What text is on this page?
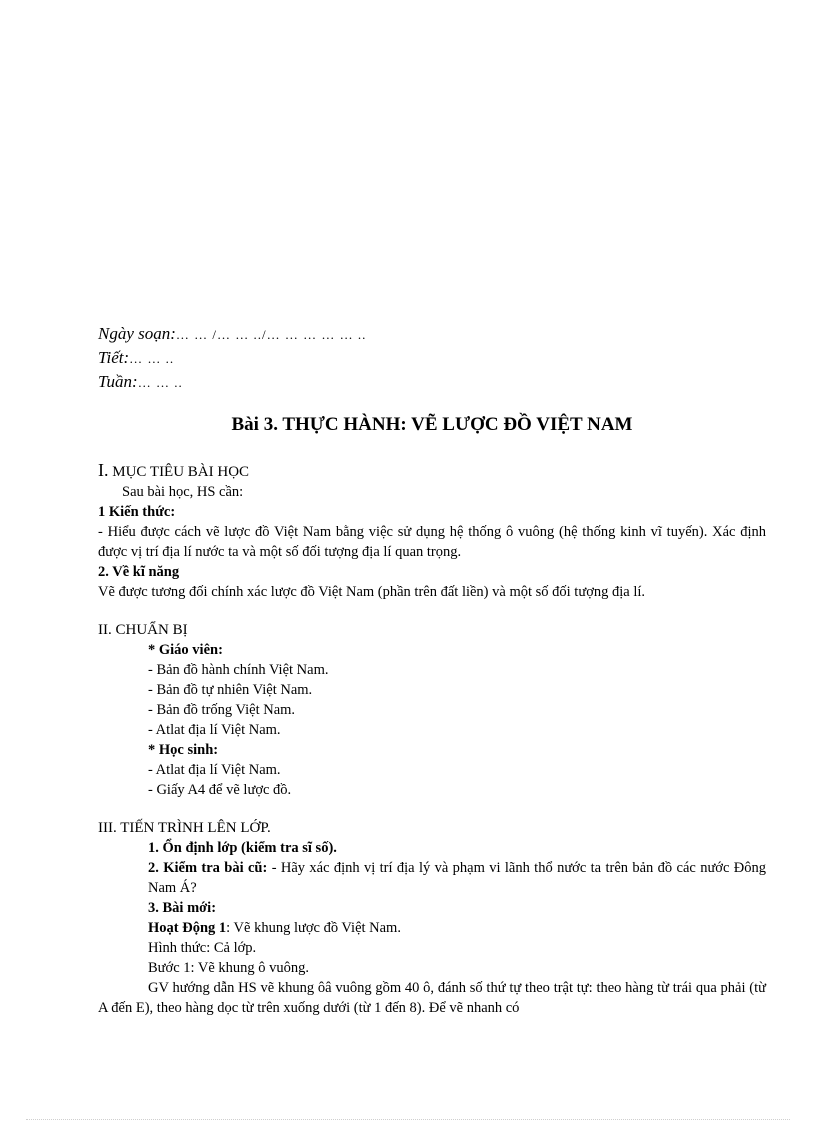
Ngày soạn:… … /… … ../… … … … … ..
Tiết:… … ..
Tuần:… … ..
Bài 3. THỰC HÀNH: VẼ LƯỢC ĐỒ VIỆT NAM
I. MỤC TIÊU BÀI HỌC

Sau bài học, HS cần:

1 Kiến thức:

- Hiểu được cách vẽ lược đồ Việt Nam bằng việc sử dụng hệ thống ô vuông (hệ thống kinh vĩ tuyến). Xác định được vị trí địa lí nước ta và một số đối tượng địa lí quan trọng.

2. Về kĩ năng

Vẽ được tương đối chính xác lược đồ Việt Nam (phần trên đất liền) và một số đối tượng địa lí.

II. CHUẨN BỊ

* Giáo viên:

- Bản đồ hành chính Việt Nam.

- Bản đồ tự nhiên Việt Nam.

- Bản đồ trống Việt Nam.

- Atlat địa lí Việt Nam.

* Học sinh:

- Atlat địa lí Việt Nam.

- Giấy A4 để vẽ lược đồ.

III. TIẾN TRÌNH LÊN LỚP.

1. Ổn định lớp (kiểm tra sĩ số).

2. Kiểm tra bài cũ: - Hãy xác định vị trí địa lý và phạm vi lãnh thổ nước ta trên bản đồ các nước Đông Nam Á?

3. Bài mới:

Hoạt Động 1: Vẽ khung lược đồ Việt Nam.

Hình thức: Cả lớp.

Bước 1: Vẽ khung ô vuông.

GV hướng dẫn HS vẽ khung ôâ vuông gồm 40 ô, đánh số thứ tự theo trật tự: theo hàng từ trái qua phải (từ A đến E), theo hàng dọc từ trên xuống dưới (từ 1 đến 8). Để vẽ nhanh có
